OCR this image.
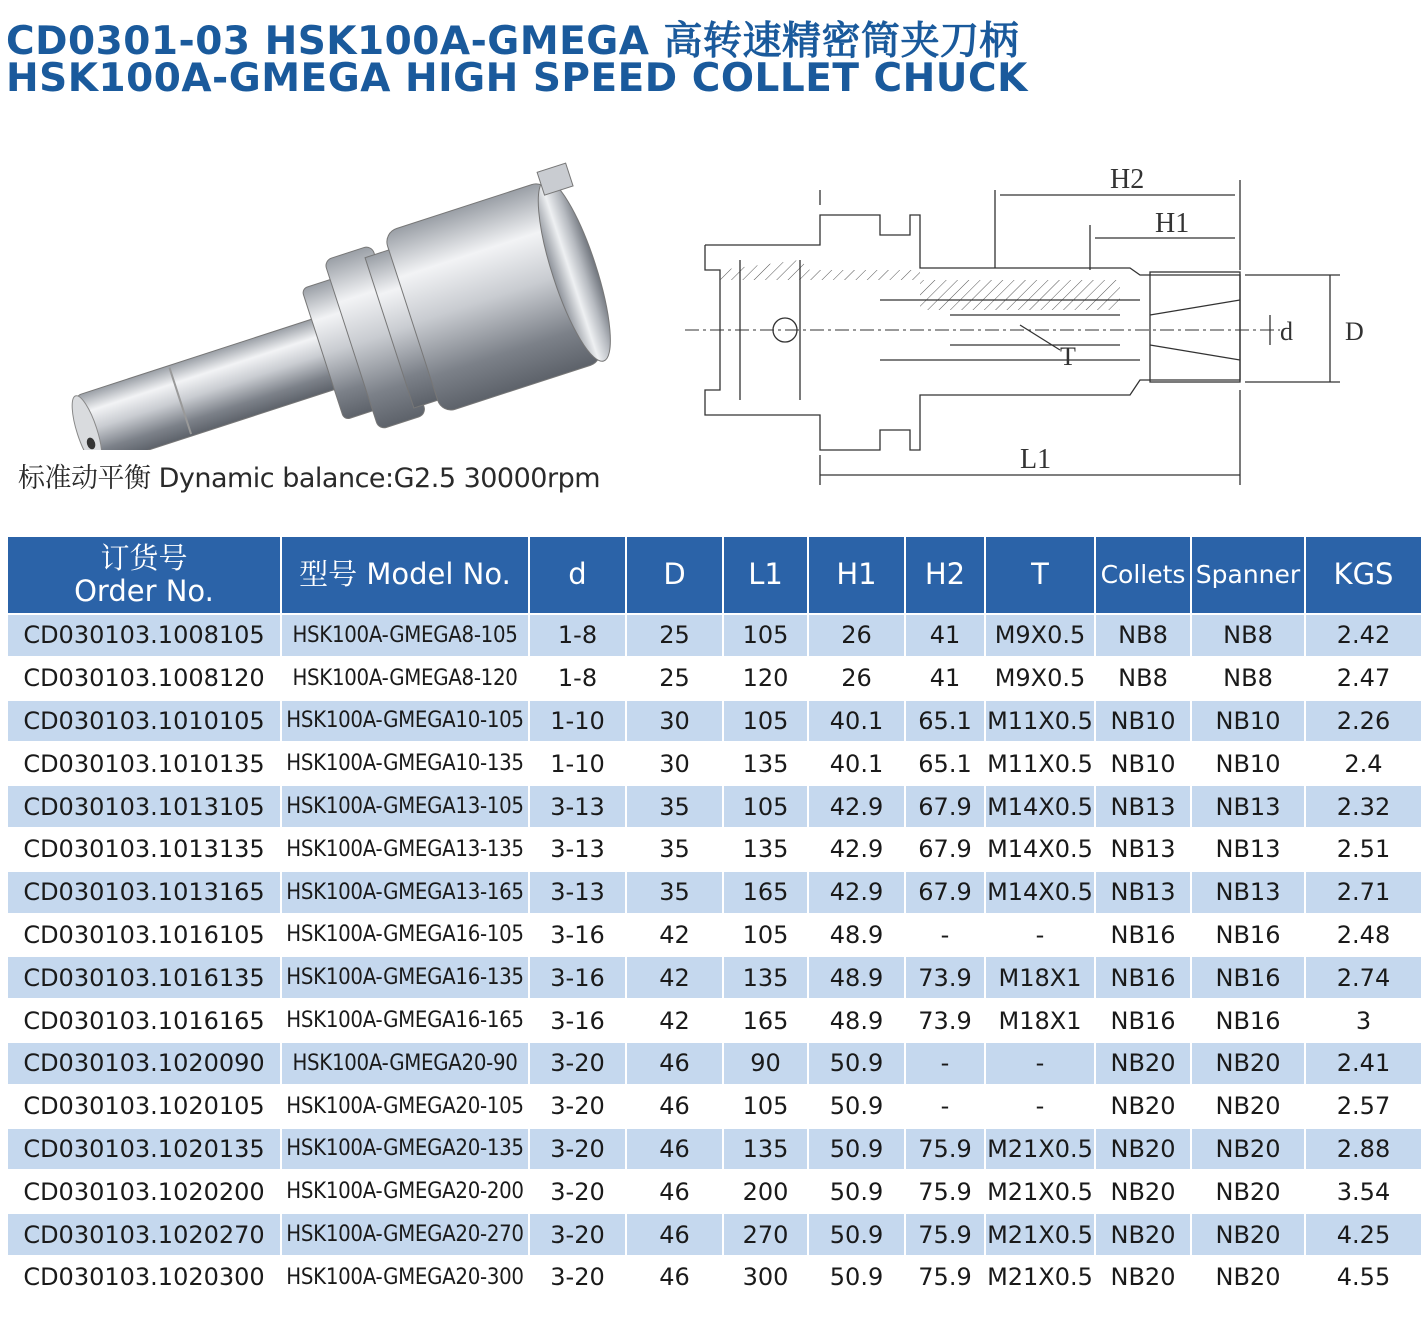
CD0301-03 HSK100A-GMEGA 高转速精密筒夹刀柄
HSK100A-GMEGA HIGH SPEED COLLET CHUCK
标准动平衡 Dynamic balance:G2.5 30000rpm
H2
H1
T
d D
L1
订货号
Order No.	型号 Model No.	d	D	L1	H1	H2	T	Collets	Spanner	KGS
CD030103.1008105	HSK100A-GMEGA8-105	1-8	25	105	26	41	M9X0.5	NB8	NB8	2.42
CD030103.1008120	HSK100A-GMEGA8-120	1-8	25	120	26	41	M9X0.5	NB8	NB8	2.47
CD030103.1010105	HSK100A-GMEGA10-105	1-10	30	105	40.1	65.1	M11X0.5	NB10	NB10	2.26
CD030103.1010135	HSK100A-GMEGA10-135	1-10	30	135	40.1	65.1	M11X0.5	NB10	NB10	2.4
CD030103.1013105	HSK100A-GMEGA13-105	3-13	35	105	42.9	67.9	M14X0.5	NB13	NB13	2.32
CD030103.1013135	HSK100A-GMEGA13-135	3-13	35	135	42.9	67.9	M14X0.5	NB13	NB13	2.51
CD030103.1013165	HSK100A-GMEGA13-165	3-13	35	165	42.9	67.9	M14X0.5	NB13	NB13	2.71
CD030103.1016105	HSK100A-GMEGA16-105	3-16	42	105	48.9	-	-	NB16	NB16	2.48
CD030103.1016135	HSK100A-GMEGA16-135	3-16	42	135	48.9	73.9	M18X1	NB16	NB16	2.74
CD030103.1016165	HSK100A-GMEGA16-165	3-16	42	165	48.9	73.9	M18X1	NB16	NB16	3
CD030103.1020090	HSK100A-GMEGA20-90	3-20	46	90	50.9	-	-	NB20	NB20	2.41
CD030103.1020105	HSK100A-GMEGA20-105	3-20	46	105	50.9	-	-	NB20	NB20	2.57
CD030103.1020135	HSK100A-GMEGA20-135	3-20	46	135	50.9	75.9	M21X0.5	NB20	NB20	2.88
CD030103.1020200	HSK100A-GMEGA20-200	3-20	46	200	50.9	75.9	M21X0.5	NB20	NB20	3.54
CD030103.1020270	HSK100A-GMEGA20-270	3-20	46	270	50.9	75.9	M21X0.5	NB20	NB20	4.25
CD030103.1020300	HSK100A-GMEGA20-300	3-20	46	300	50.9	75.9	M21X0.5	NB20	NB20	4.55
